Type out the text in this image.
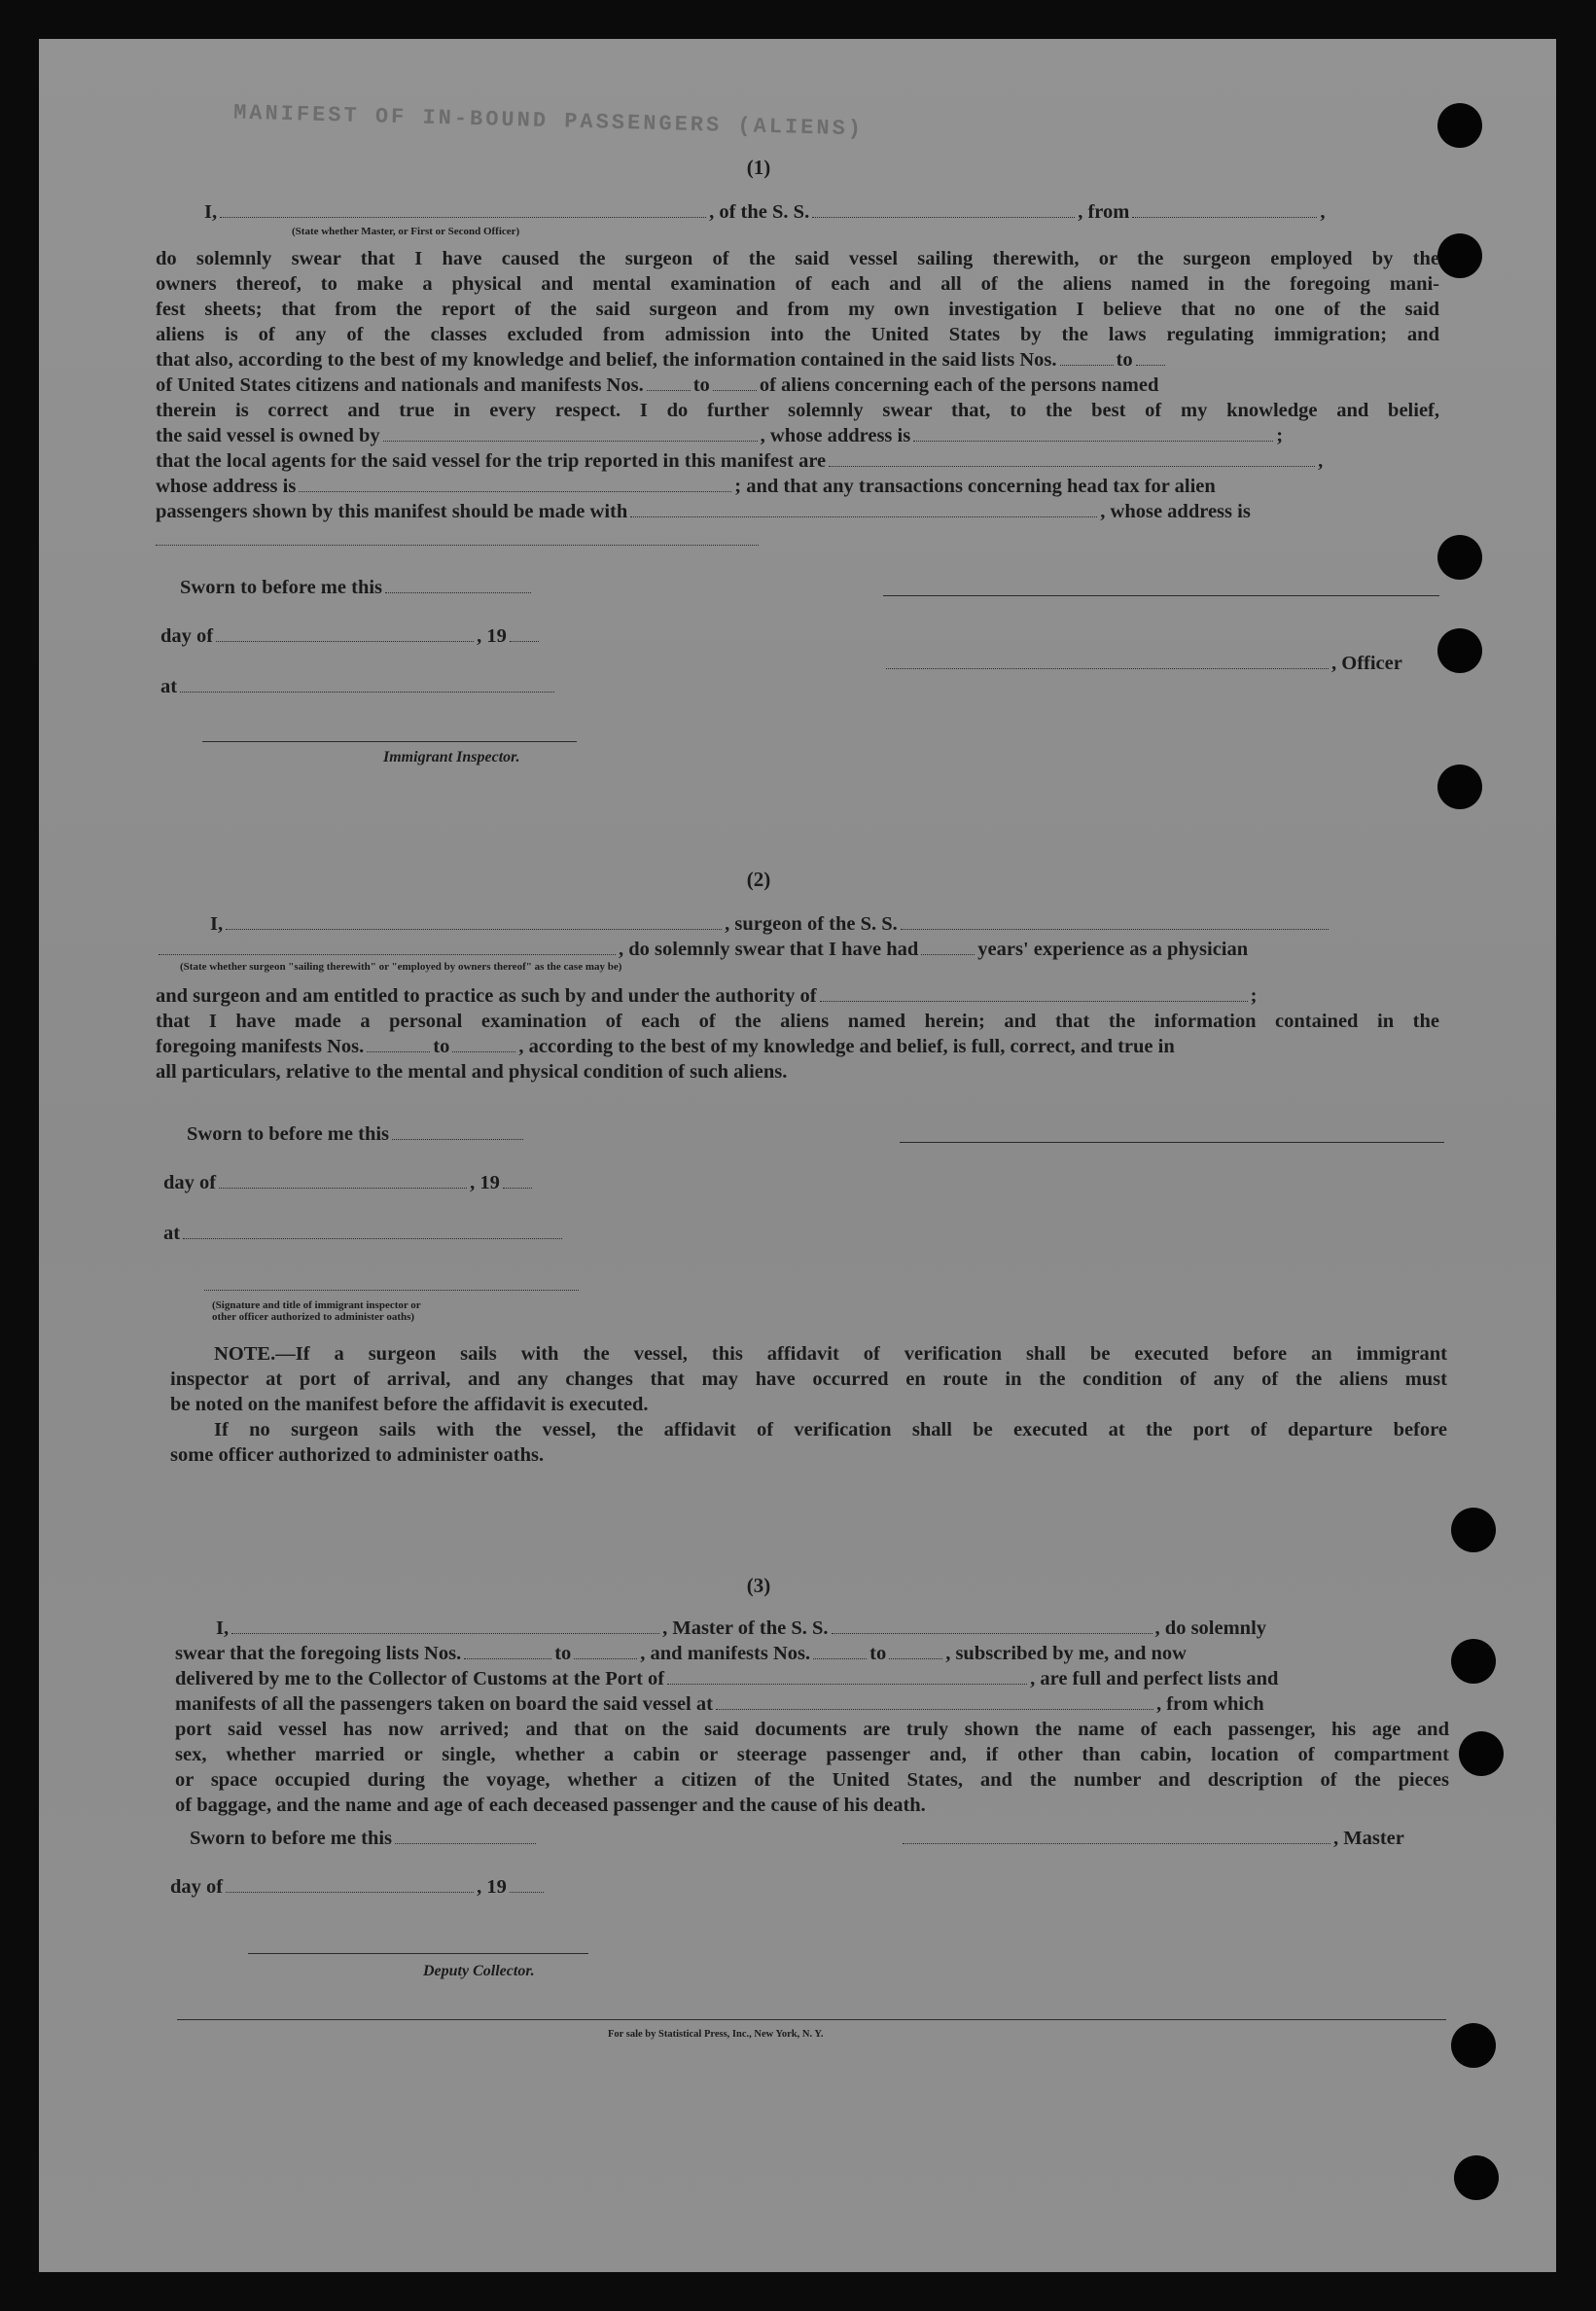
MANIFEST OF IN-BOUND PASSENGERS (ALIENS)
(1)
I,	, of the S. S.	, from	,
(State whether Master, or First or Second Officer)
do solemnly swear that I have caused the surgeon of the said vessel sailing therewith, or the surgeon employed by the
owners thereof, to make a physical and mental examination of each and all of the aliens named in the foregoing mani-
fest sheets; that from the report of the said surgeon and from my own investigation I believe that no one of the said
aliens is of any of the classes excluded from admission into the United States by the laws regulating immigration; and
that also, according to the best of my knowledge and belief, the information contained in the said lists Nos.	to
of United States citizens and nationals and manifests Nos. to of aliens concerning each of the persons named
therein is correct and true in every respect. I do further solemnly swear that, to the best of my knowledge and belief,
the said vessel is owned by	, whose address is	;
that the local agents for the said vessel for the trip reported in this manifest are	,
whose address is	; and that any transactions concerning head tax for alien
passengers shown by this manifest should be made with	, whose address is
Sworn to before me this
day of	, 19
, Officer
at
Immigrant Inspector.
(2)
I,	, surgeon of the S. S.
, do solemnly swear that I have had	years' experience as a physician
(State whether surgeon "sailing therewith" or "employed by owners thereof" as the case may be)
and surgeon and am entitled to practice as such by and under the authority of	;
that I have made a personal examination of each of the aliens named herein; and that the information contained in the
foregoing manifests Nos.	to	, according to the best of my knowledge and belief, is full, correct, and true in
all particulars, relative to the mental and physical condition of such aliens.
Sworn to before me this
day of	, 19
at
(Signature and title of immigrant inspector or
other officer authorized to administer oaths)
NOTE.—If a surgeon sails with the vessel, this affidavit of verification shall be executed before an immigrant
inspector at port of arrival, and any changes that may have occurred en route in the condition of any of the aliens must
be noted on the manifest before the affidavit is executed.
If no surgeon sails with the vessel, the affidavit of verification shall be executed at the port of departure before
some officer authorized to administer oaths.
(3)
I,	, Master of the S. S.	, do solemnly
swear that the foregoing lists Nos.	to	, and manifests Nos.	to	, subscribed by me, and now
delivered by me to the Collector of Customs at the Port of	, are full and perfect lists and
manifests of all the passengers taken on board the said vessel at	, from which
port said vessel has now arrived; and that on the said documents are truly shown the name of each passenger, his age and
sex, whether married or single, whether a cabin or steerage passenger and, if other than cabin, location of compartment
or space occupied during the voyage, whether a citizen of the United States, and the number and description of the pieces
of baggage, and the name and age of each deceased passenger and the cause of his death.
Sworn to before me this	, Master
day of	, 19
Deputy Collector.
For sale by Statistical Press, Inc., New York, N. Y.
